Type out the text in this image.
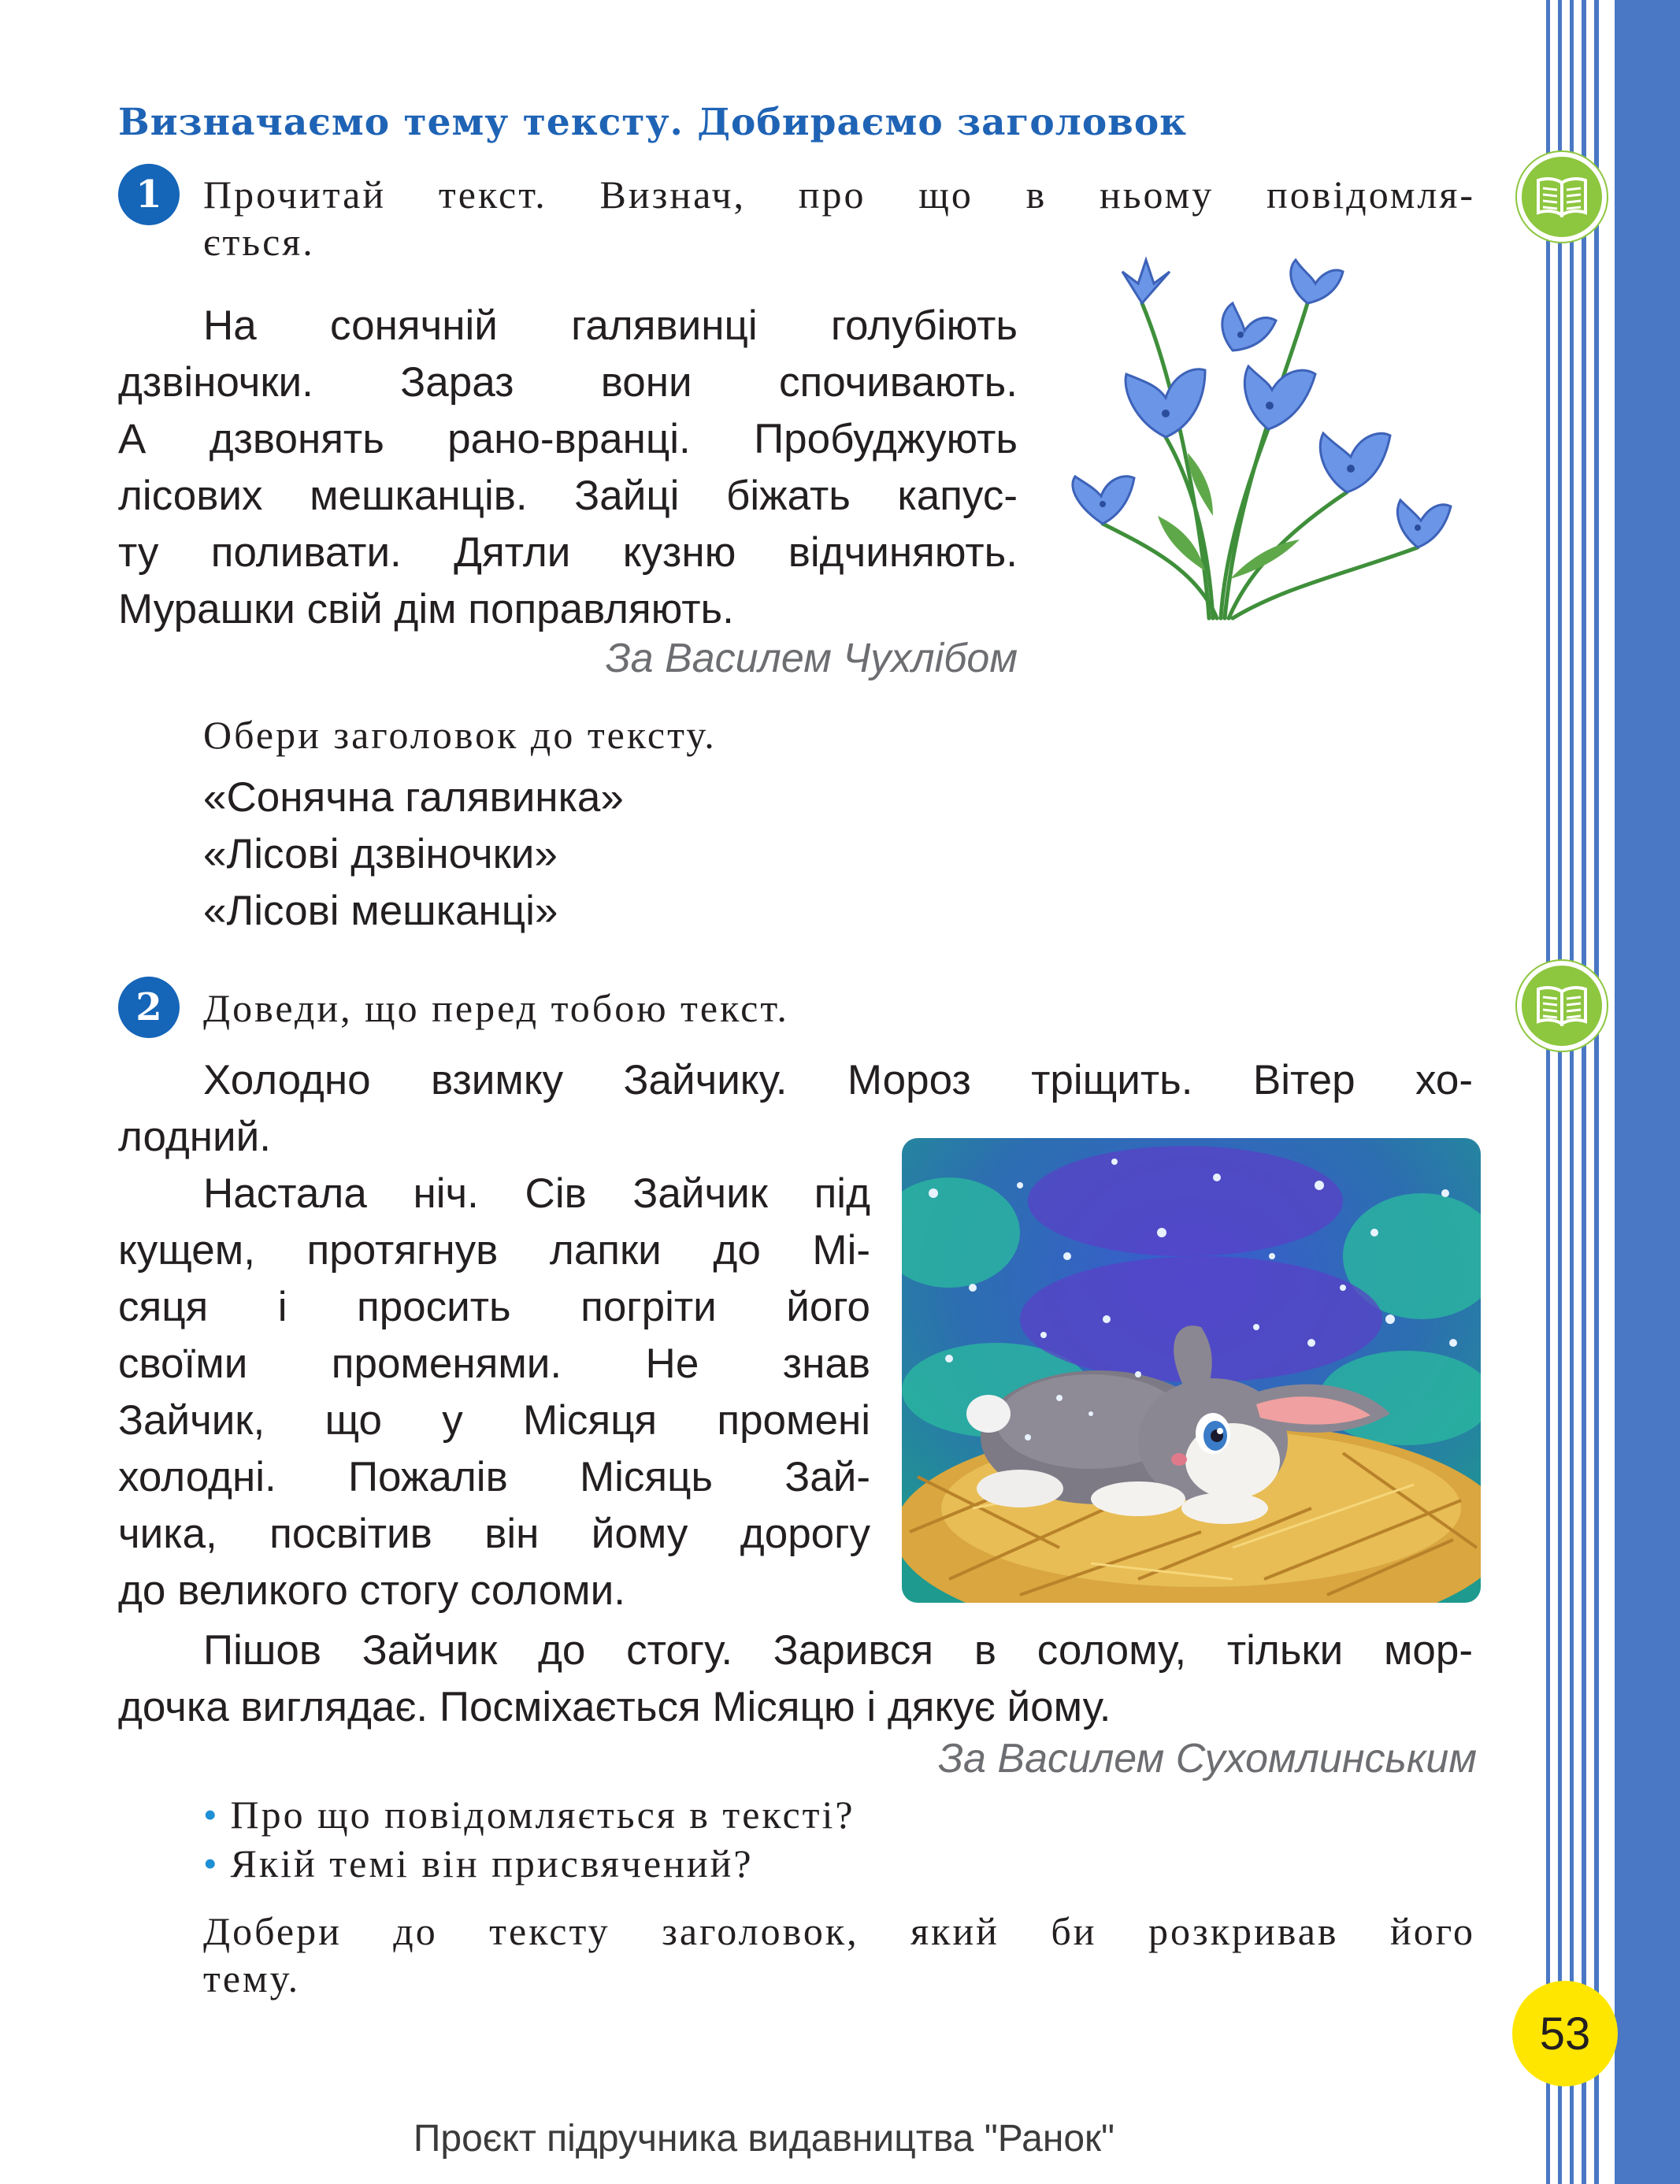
53
Визначаємо тему тексту. Добираємо заголовок
1	Прочитай текст. Визнач, про що в ньому повідомля-
ється.
На сонячній галявинці голубіють
дзвіночки. Зараз вони спочивають.
А дзвонять рано-вранці. Пробуджують
лісових мешканців. Зайці біжать капус-
ту поливати. Дятли кузню відчиняють.
Мурашки свій дім поправляють.
За Василем Чухлібом
Обери заголовок до тексту.
«Сонячна галявинка»
«Лісові дзвіночки»
«Лісові мешканці»
2	Доведи, що перед тобою текст.
Холодно взимку Зайчику. Мороз тріщить. Вітер хо-
лодний.
Настала ніч. Сів Зайчик під
кущем, протягнув лапки до Мі-
сяця і просить погріти його
своїми променями. Не знав
Зайчик, що у Місяця промені
холодні. Пожалів Місяць Зай-
чика, посвітив він йому дорогу
до великого стогу соломи.
Пішов Зайчик до стогу. Зарився в солому, тільки мор-
дочка виглядає. Посміхається Місяцю і дякує йому.
За Василем Сухомлинським
• Про що повідомляється в тексті?
• Якій темі він присвячений?
Добери до тексту заголовок, який би розкривав його
тему.
Проєкт підручника видавництва "Ранок"
